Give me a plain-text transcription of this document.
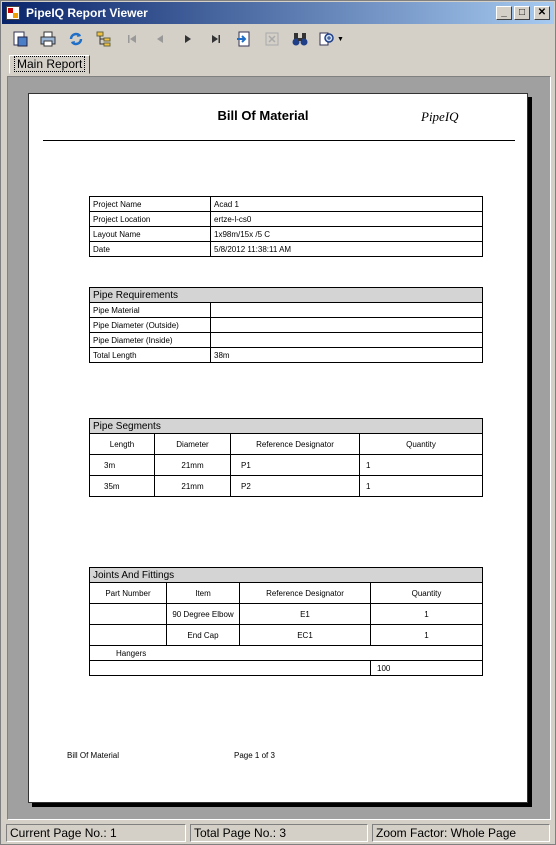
PipeIQ Report Viewer	_	□	✕
▼
Main Report
Bill Of Material	PipeIQ
Project Name	Acad 1
Project Location	ertze-l-cs0
Layout Name	1x98m/15x /5 C
Date	5/8/2012 11:38:11 AM
Pipe Requirements	
Pipe Material	
Pipe Diameter (Outside)	
Pipe Diameter (Inside)	
Total Length	38m
Pipe Segments			
Length	Diameter	Reference Designator	Quantity
3m	21mm	P1	1
35m	21mm	P2	1
Joints And Fittings			
Part Number	Item	Reference Designator	Quantity
	90 Degree Elbow	E1	1
	End Cap	EC1	1
Hangers			
			100
Bill Of Material	Page 1 of 3
Current Page No.: 1	Total Page No.: 3	Zoom Factor: Whole Page
